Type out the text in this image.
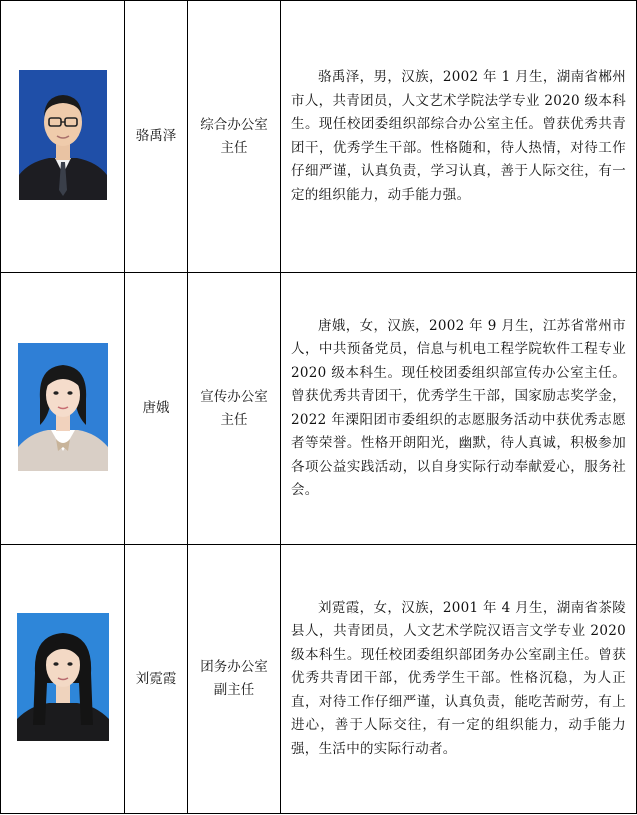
	骆禹泽	综合办公室
主任	骆禹泽，男，汉族，2002 年 1 月生，湖南省郴州市人，共青团员，人文艺术学院法学专业 2020 级本科生。现任校团委组织部综合办公室主任。曾获优秀共青团干，优秀学生干部。性格随和，待人热情，对待工作仔细严谨，认真负责，学习认真，善于人际交往，有一定的组织能力，动手能力强。

	唐娥	宣传办公室
主任	唐娥，女，汉族，2002 年 9 月生，江苏省常州市人，中共预备党员，信息与机电工程学院软件工程专业 2020 级本科生。现任校团委组织部宣传办公室主任。曾获优秀共青团干，优秀学生干部，国家励志奖学金，2022 年溧阳团市委组织的志愿服务活动中获优秀志愿者等荣誉。性格开朗阳光，幽默，待人真诚，积极参加各项公益实践活动，以自身实际行动奉献爱心，服务社会。

	刘霓霞	团务办公室
副主任	刘霓霞，女，汉族，2001 年 4 月生，湖南省茶陵县人，共青团员，人文艺术学院汉语言文学专业 2020 级本科生。现任校团委组织部团务办公室副主任。曾获优秀共青团干部，优秀学生干部。性格沉稳，为人正直，对待工作仔细严谨，认真负责，能吃苦耐劳，有上进心，善于人际交往，有一定的组织能力，动手能力强，生活中的实际行动者。
